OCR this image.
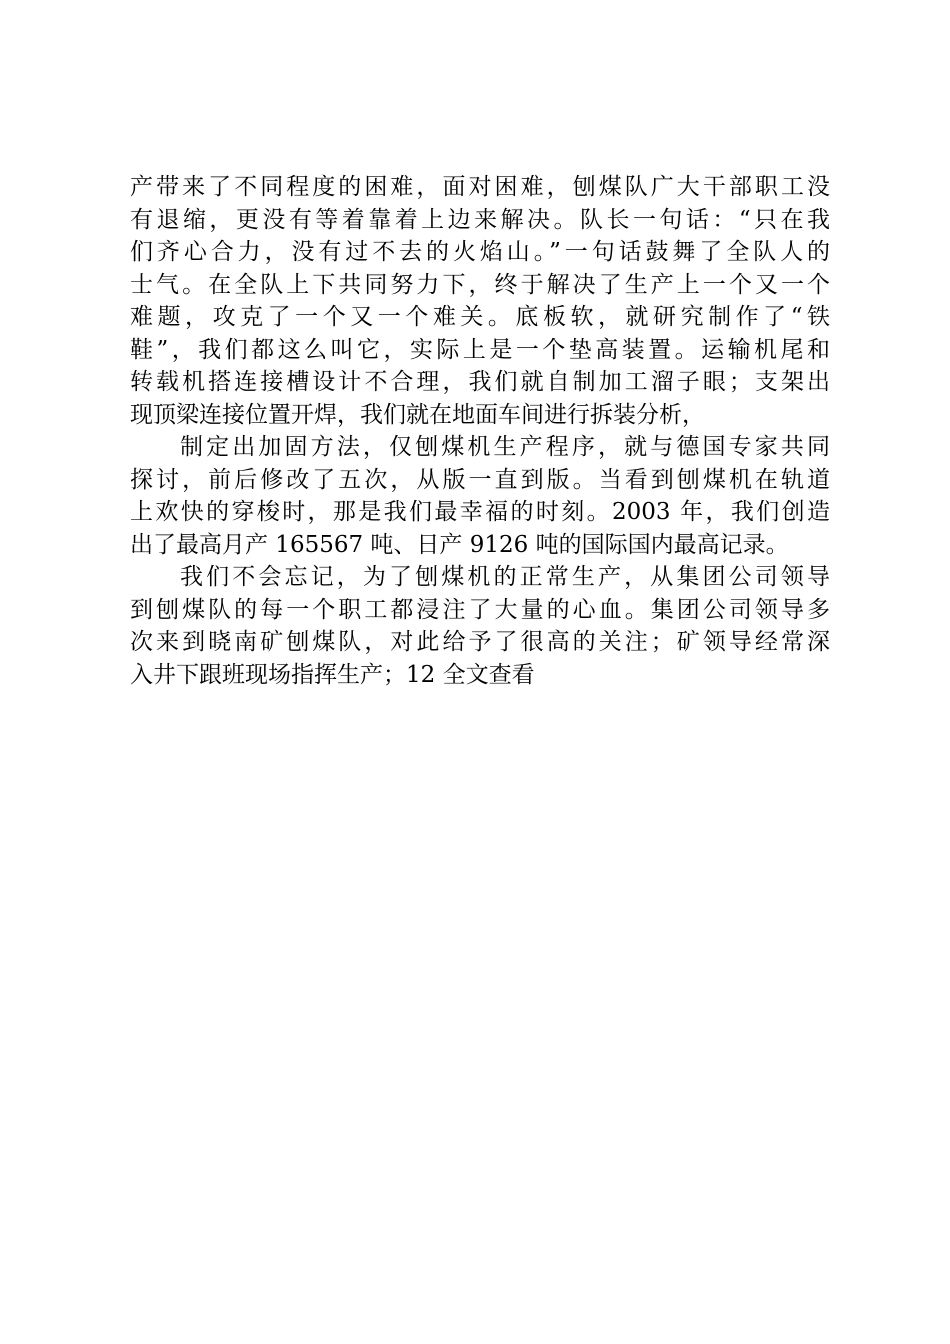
产带来了不同程度的困难，面对困难，刨煤队广大干部职工没
有退缩，更没有等着靠着上边来解决。队长一句话：“只在我
们齐心合力，没有过不去的火焰山。”一句话鼓舞了全队人的
士气。在全队上下共同努力下，终于解决了生产上一个又一个
难题，攻克了一个又一个难关。底板软，就研究制作了“铁
鞋”，我们都这么叫它，实际上是一个垫高装置。运输机尾和
转载机搭连接槽设计不合理，我们就自制加工溜子眼；支架出
现顶梁连接位置开焊，我们就在地面车间进行拆装分析，
制定出加固方法，仅刨煤机生产程序，就与德国专家共同
探讨，前后修改了五次，从版一直到版。当看到刨煤机在轨道
上欢快的穿梭时，那是我们最幸福的时刻。2003 年，我们创造
出了最高月产 165567 吨、日产 9126 吨的国际国内最高记录。
我们不会忘记，为了刨煤机的正常生产，从集团公司领导
到刨煤队的每一个职工都浸注了大量的心血。集团公司领导多
次来到晓南矿刨煤队，对此给予了很高的关注；矿领导经常深
入井下跟班现场指挥生产；12 全文查看
